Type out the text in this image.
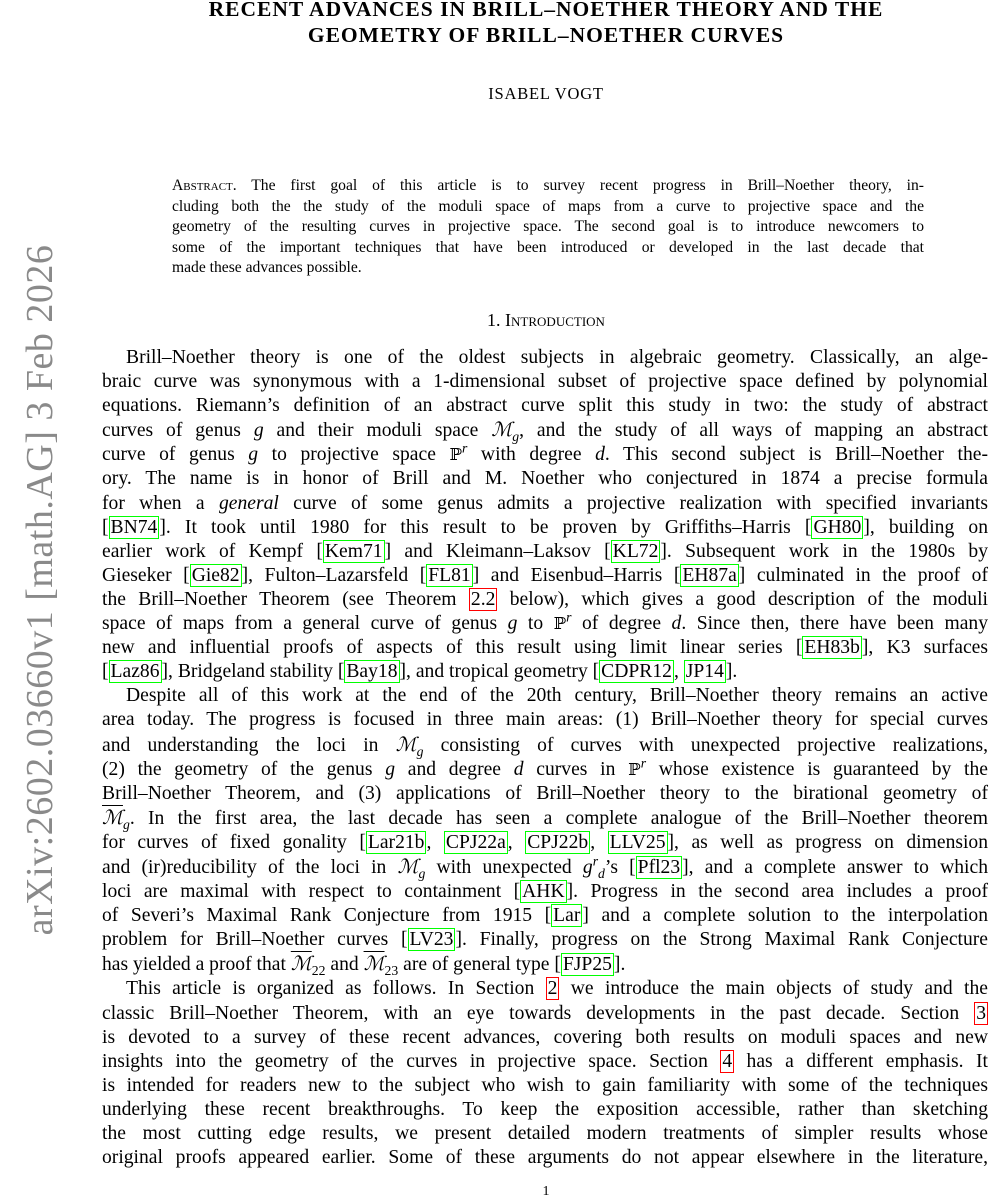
arXiv:2602.03660v1 [math.AG] 3 Feb 2026
RECENT ADVANCES IN BRILL–NOETHER THEORY AND THE
GEOMETRY OF BRILL–NOETHER CURVES
ISABEL VOGT
Abstract. The first goal of this article is to survey recent progress in Brill–Noether theory, in-
cluding both the the study of the moduli space of maps from a curve to projective space and the
geometry of the resulting curves in projective space. The second goal is to introduce newcomers to
some of the important techniques that have been introduced or developed in the last decade that
made these advances possible.
1. Introduction
Brill–Noether theory is one of the oldest subjects in algebraic geometry. Classically, an alge-
braic curve was synonymous with a 1-dimensional subset of projective space defined by polynomial
equations. Riemann’s definition of an abstract curve split this study in two: the study of abstract
curves of genus g and their moduli space ℳ$_g$, and the study of all ways of mapping an abstract
curve of genus g to projective space ℙ$^r$ with degree d. This second subject is Brill–Noether the-
ory. The name is in honor of Brill and M. Noether who conjectured in 1874 a precise formula
for when a general curve of some genus admits a projective realization with specified invariants
[ BN74 ]. It took until 1980 for this result to be proven by Griffiths–Harris [ GH80 ], building on
earlier work of Kempf [ Kem71 ] and Kleimann–Laksov [ KL72 ]. Subsequent work in the 1980s by
Gieseker [ Gie82 ], Fulton–Lazarsfeld [ FL81 ] and Eisenbud–Harris [ EH87a ] culminated in the proof of
the Brill–Noether Theorem (see Theorem 2.2 below), which gives a good description of the moduli
space of maps from a general curve of genus g to ℙ$^r$ of degree d. Since then, there have been many
new and influential proofs of aspects of this result using limit linear series [ EH83b ], K3 surfaces
[ Laz86 ], Bridgeland stability [ Bay18 ], and tropical geometry [ CDPR12 , JP14 ].
Despite all of this work at the end of the 20th century, Brill–Noether theory remains an active
area today. The progress is focused in three main areas: (1) Brill–Noether theory for special curves
and understanding the loci in ℳ$_g$ consisting of curves with unexpected projective realizations,
(2) the geometry of the genus g and degree d curves in ℙ$^r$ whose existence is guaranteed by the
Brill–Noether Theorem, and (3) applications of Brill–Noether theory to the birational geometry of
ℳ$_g$. In the first area, the last decade has seen a complete analogue of the Brill–Noether theorem
for curves of fixed gonality [ Lar21b , CPJ22a , CPJ22b , LLV25 ], as well as progress on dimension
and (ir)reducibility of the loci in ℳ$_g$ with unexpected $g^r_d’s$ [ Pfl23 ], and a complete answer to which
loci are maximal with respect to containment [ AHK ]. Progress in the second area includes a proof
of Severi’s Maximal Rank Conjecture from 1915 [ Lar ] and a complete solution to the interpolation
problem for Brill–Noether curves [ LV23 ]. Finally, progress on the Strong Maximal Rank Conjecture
has yielded a proof that ℳ$_{22}$ and ℳ$_{23}$ are of general type [ FJP25 ].
This article is organized as follows. In Section 2 we introduce the main objects of study and the
classic Brill–Noether Theorem, with an eye towards developments in the past decade. Section 3
is devoted to a survey of these recent advances, covering both results on moduli spaces and new
insights into the geometry of the curves in projective space. Section 4 has a different emphasis. It
is intended for readers new to the subject who wish to gain familiarity with some of the techniques
underlying these recent breakthroughs. To keep the exposition accessible, rather than sketching
the most cutting edge results, we present detailed modern treatments of simpler results whose
original proofs appeared earlier. Some of these arguments do not appear elsewhere in the literature,
1
